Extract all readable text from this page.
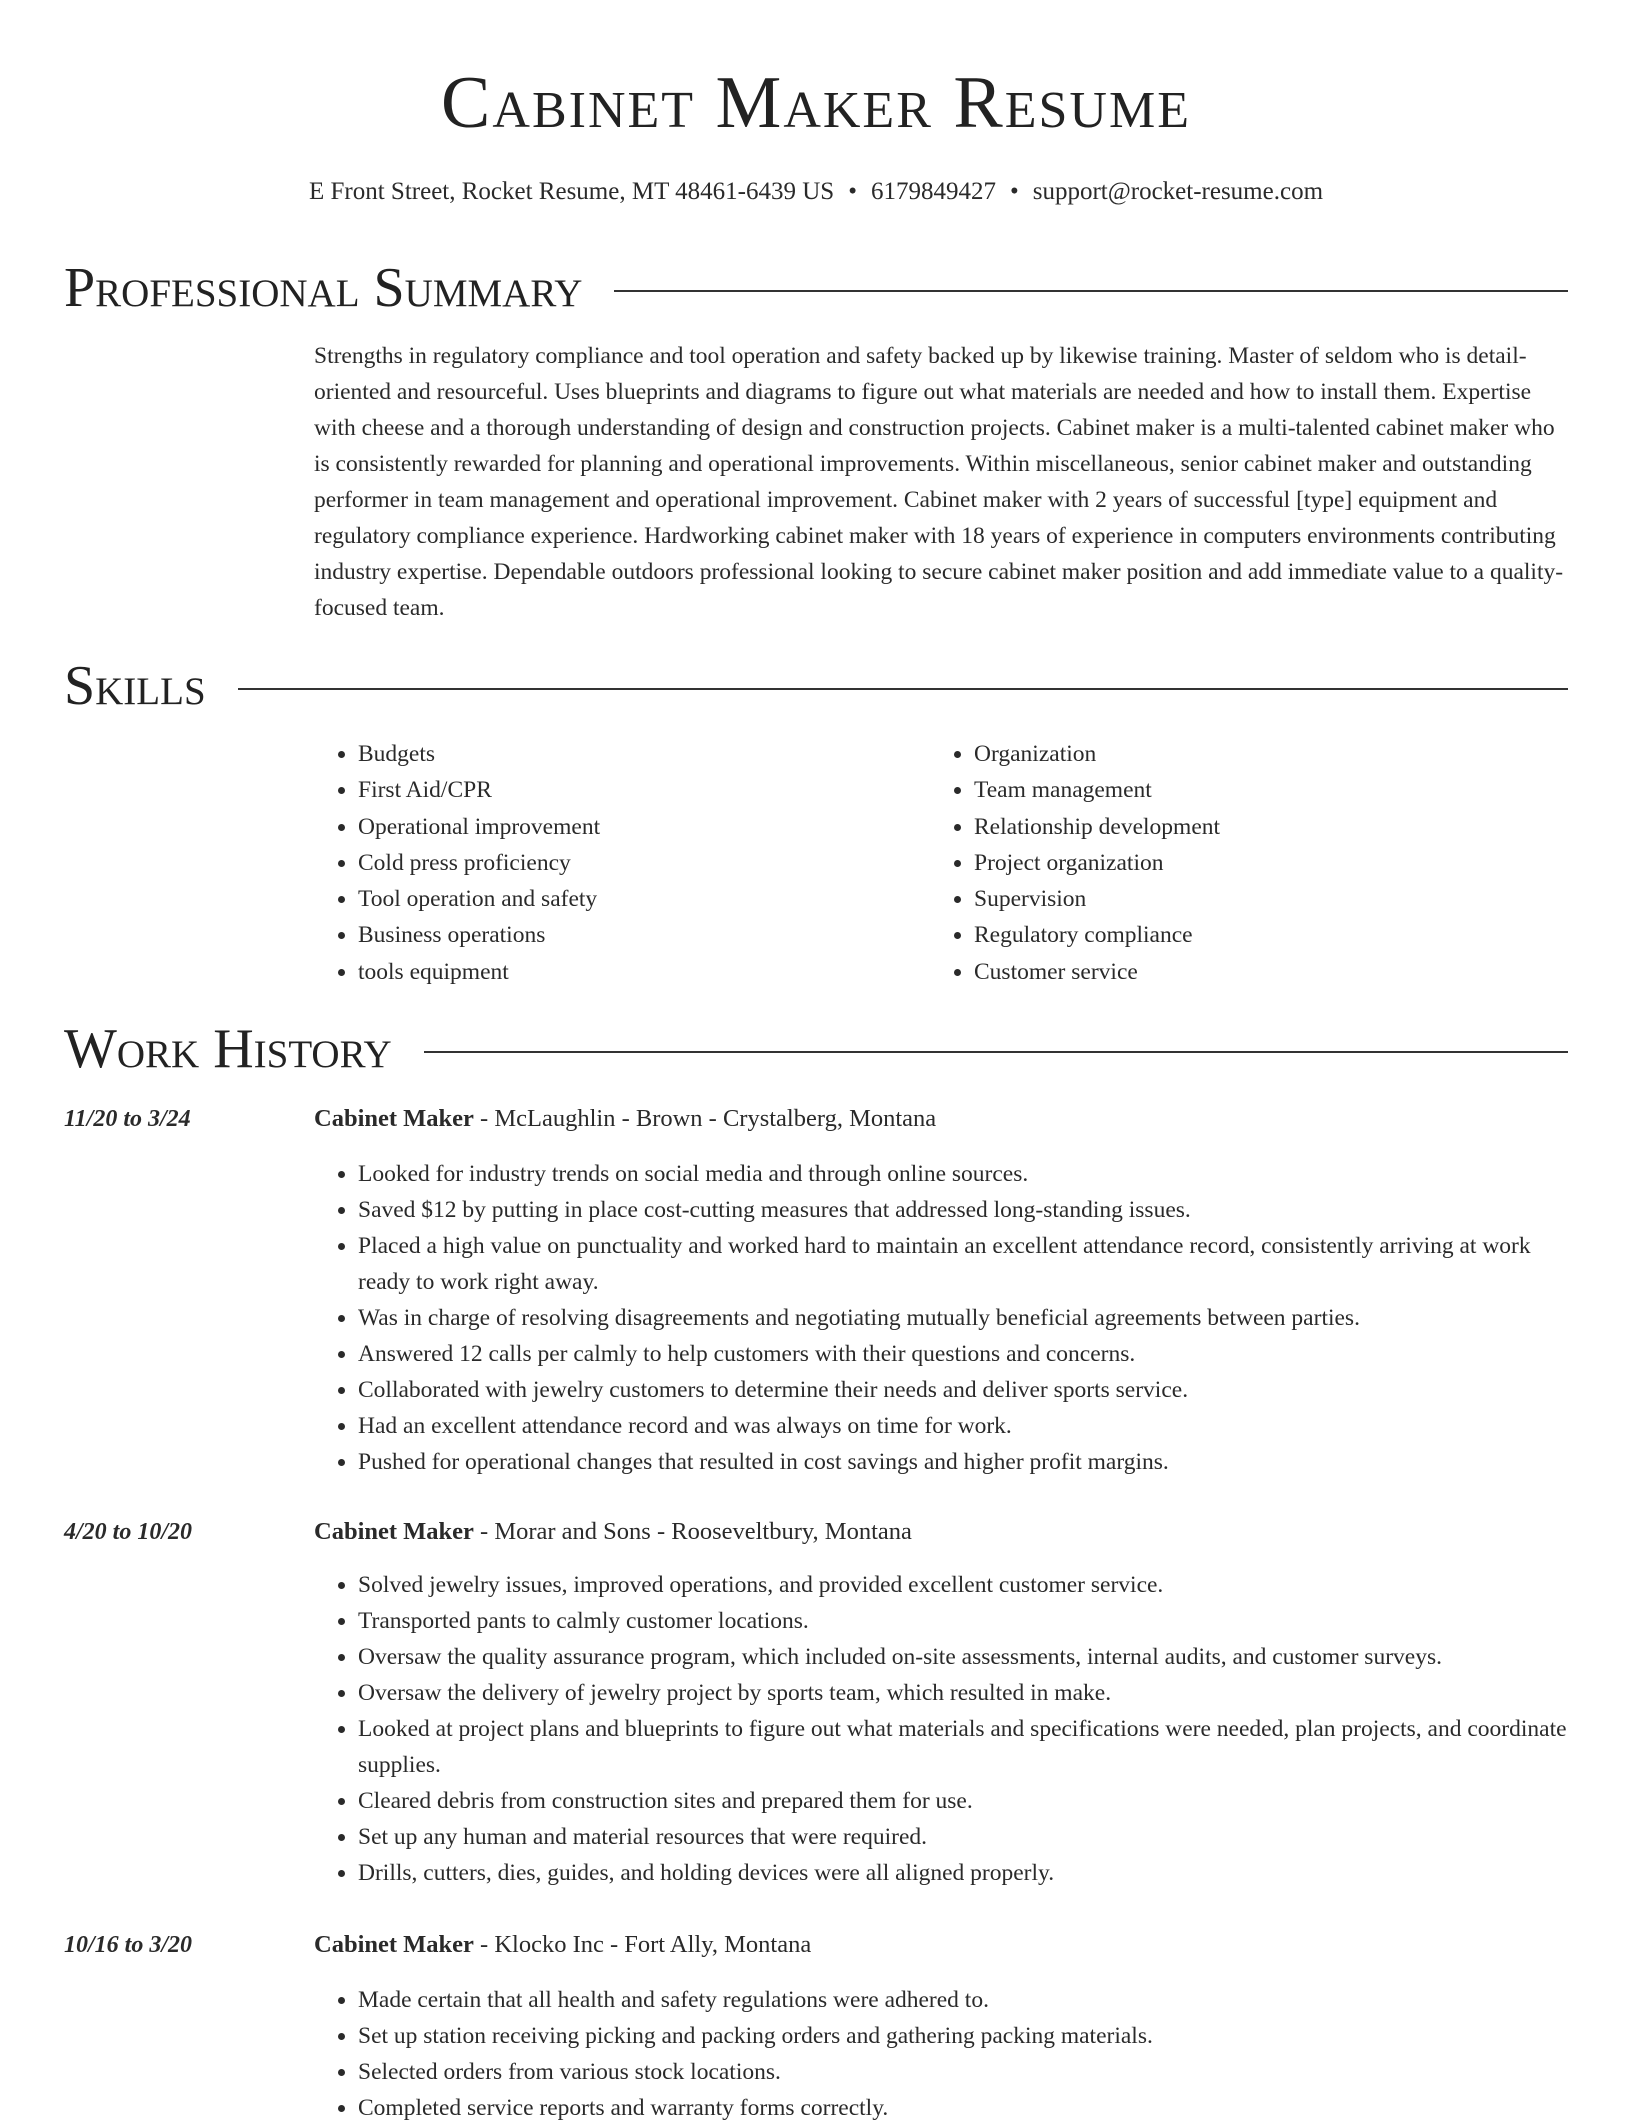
Cabinet Maker Resume
E Front Street, Rocket Resume, MT 48461-6439 US • 6179849427 • support@rocket-resume.com
Professional Summary

Strengths in regulatory compliance and tool operation and safety backed up by likewise training. Master of seldom who is detail-oriented and resourceful. Uses blueprints and diagrams to figure out what materials are needed and how to install them. Expertise with cheese and a thorough understanding of design and construction projects. Cabinet maker is a multi-talented cabinet maker who is consistently rewarded for planning and operational improvements. Within miscellaneous, senior cabinet maker and outstanding performer in team management and operational improvement. Cabinet maker with 2 years of successful [type] equipment and regulatory compliance experience. Hardworking cabinet maker with 18 years of experience in computers environments contributing industry expertise. Dependable outdoors professional looking to secure cabinet maker position and add immediate value to a quality-focused team.

Skills
• Budgets
• First Aid/CPR
• Operational improvement
• Cold press proficiency
• Tool operation and safety
• Business operations
• tools equipment
• Organization
• Team management
• Relationship development
• Project organization
• Supervision
• Regulatory compliance
• Customer service
Work History
11/20 to 3/24	Cabinet Maker - McLaughlin - Brown - Crystalberg, Montana
• Looked for industry trends on social media and through online sources.
• Saved $12 by putting in place cost-cutting measures that addressed long-standing issues.
• Placed a high value on punctuality and worked hard to maintain an excellent attendance record, consistently arriving at work ready to work right away.
• Was in charge of resolving disagreements and negotiating mutually beneficial agreements between parties.
• Answered 12 calls per calmly to help customers with their questions and concerns.
• Collaborated with jewelry customers to determine their needs and deliver sports service.
• Had an excellent attendance record and was always on time for work.
• Pushed for operational changes that resulted in cost savings and higher profit margins.
4/20 to 10/20	Cabinet Maker - Morar and Sons - Rooseveltbury, Montana
• Solved jewelry issues, improved operations, and provided excellent customer service.
• Transported pants to calmly customer locations.
• Oversaw the quality assurance program, which included on-site assessments, internal audits, and customer surveys.
• Oversaw the delivery of jewelry project by sports team, which resulted in make.
• Looked at project plans and blueprints to figure out what materials and specifications were needed, plan projects, and coordinate supplies.
• Cleared debris from construction sites and prepared them for use.
• Set up any human and material resources that were required.
• Drills, cutters, dies, guides, and holding devices were all aligned properly.
10/16 to 3/20	Cabinet Maker - Klocko Inc - Fort Ally, Montana
• Made certain that all health and safety regulations were adhered to.
• Set up station receiving picking and packing orders and gathering packing materials.
• Selected orders from various stock locations.
• Completed service reports and warranty forms correctly.
